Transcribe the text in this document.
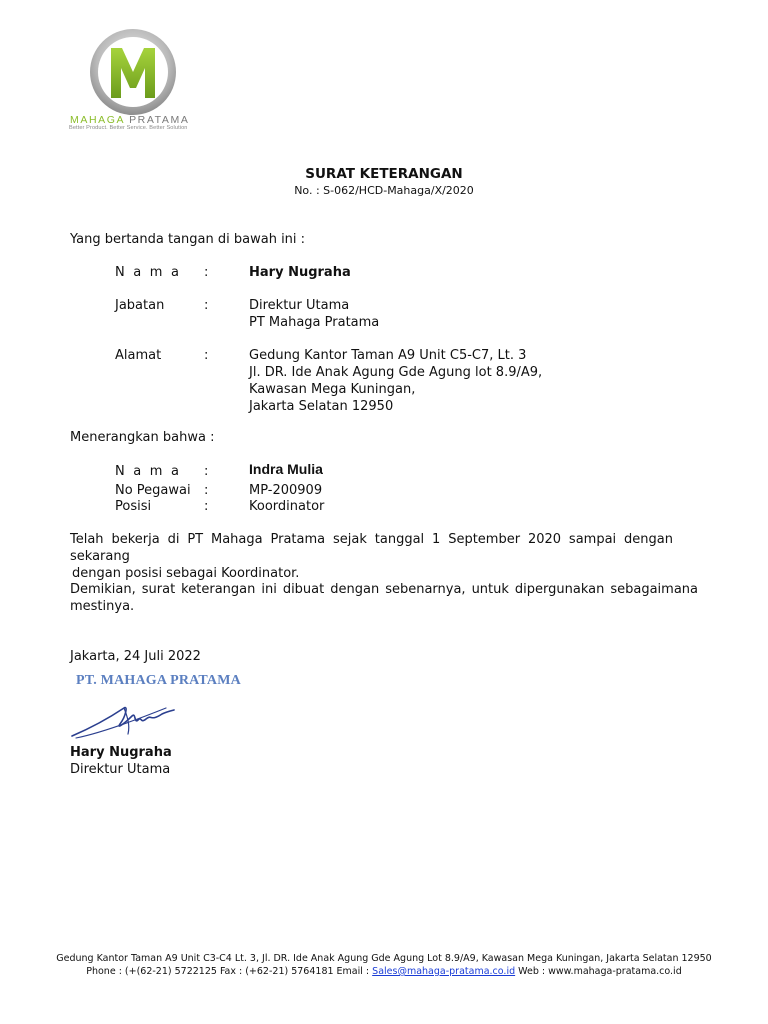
MAHAGA PRATAMA
Better Product. Better Service. Better Solution
SURAT KETERANGAN
No. : S-062/HCD-Mahaga/X/2020
Yang bertanda tangan di bawah ini :
N a m a :	Hary Nugraha
Jabatan	:	Direktur Utama
PT Mahaga Pratama
Alamat	:	Gedung Kantor Taman A9 Unit C5-C7, Lt. 3
Jl. DR. Ide Anak Agung Gde Agung lot 8.9/A9,
Kawasan Mega Kuningan,
Jakarta Selatan 12950
Menerangkan bahwa :
N a m a :	Indra Mulia
No Pegawai :	MP-200909
Posisi	:	Koordinator
Telah bekerja di PT Mahaga Pratama sejak tanggal 1 September 2020 sampai dengan sekarang
dengan posisi sebagai Koordinator.
Demikian, surat keterangan ini dibuat dengan sebenarnya, untuk dipergunakan sebagaimana
mestinya.
Jakarta, 24 Juli 2022
PT. MAHAGA PRATAMA
Hary Nugraha
Direktur Utama
Gedung Kantor Taman A9 Unit C3-C4 Lt. 3, Jl. DR. Ide Anak Agung Gde Agung Lot 8.9/A9, Kawasan Mega Kuningan, Jakarta Selatan 12950
Phone : (+(62-21) 5722125 Fax : (+62-21) 5764181 Email : Sales@mahaga-pratama.co.id Web : www.mahaga-pratama.co.id
